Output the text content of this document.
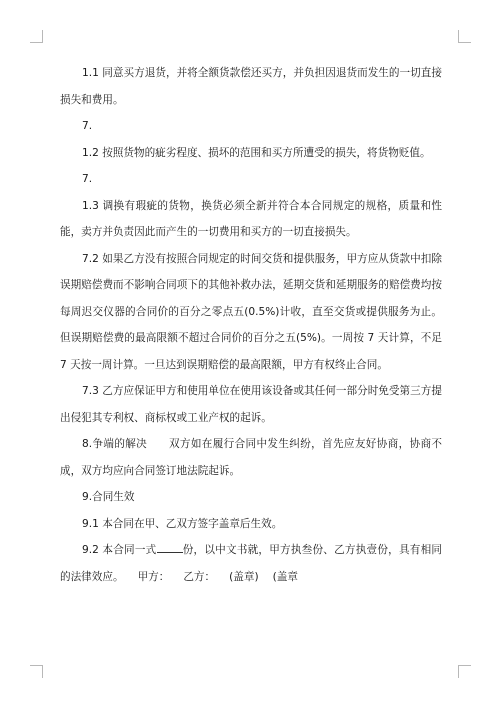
1.1 同意买方退货，并将全额货款偿还买方，并负担因退货而发生的一切直接损失和费用。

7.

1.2 按照货物的疵劣程度、损坏的范围和买方所遭受的损失，将货物贬值。

7.

1.3 调换有瑕疵的货物，换货必须全新并符合本合同规定的规格，质量和性能，卖方并负责因此而产生的一切费用和买方的一切直接损失。

7.2 如果乙方没有按照合同规定的时间交货和提供服务，甲方应从货款中扣除误期赔偿费而不影响合同项下的其他补救办法，延期交货和延期服务的赔偿费均按每周迟交仪器的合同价的百分之零点五(0.5%)计收，直至交货或提供服务为止。但误期赔偿费的最高限额不超过合同价的百分之五(5%)。一周按 7 天计算，不足 7 天按一周计算。一旦达到误期赔偿的最高限额，甲方有权终止合同。

7.3 乙方应保证甲方和使用单位在使用该设备或其任何一部分时免受第三方提出侵犯其专利权、商标权或工业产权的起诉。

8.争端的解决　　双方如在履行合同中发生纠纷，首先应友好协商，协商不成，双方均应向合同签订地法院起诉。

9.合同生效

9.1 本合同在甲、乙双方签字盖章后生效。

9.2 本合同一式 份，以中文书就，甲方执叁份、乙方执壹份，具有相同的法律效应。 甲方： 乙方： (盖章) (盖章
